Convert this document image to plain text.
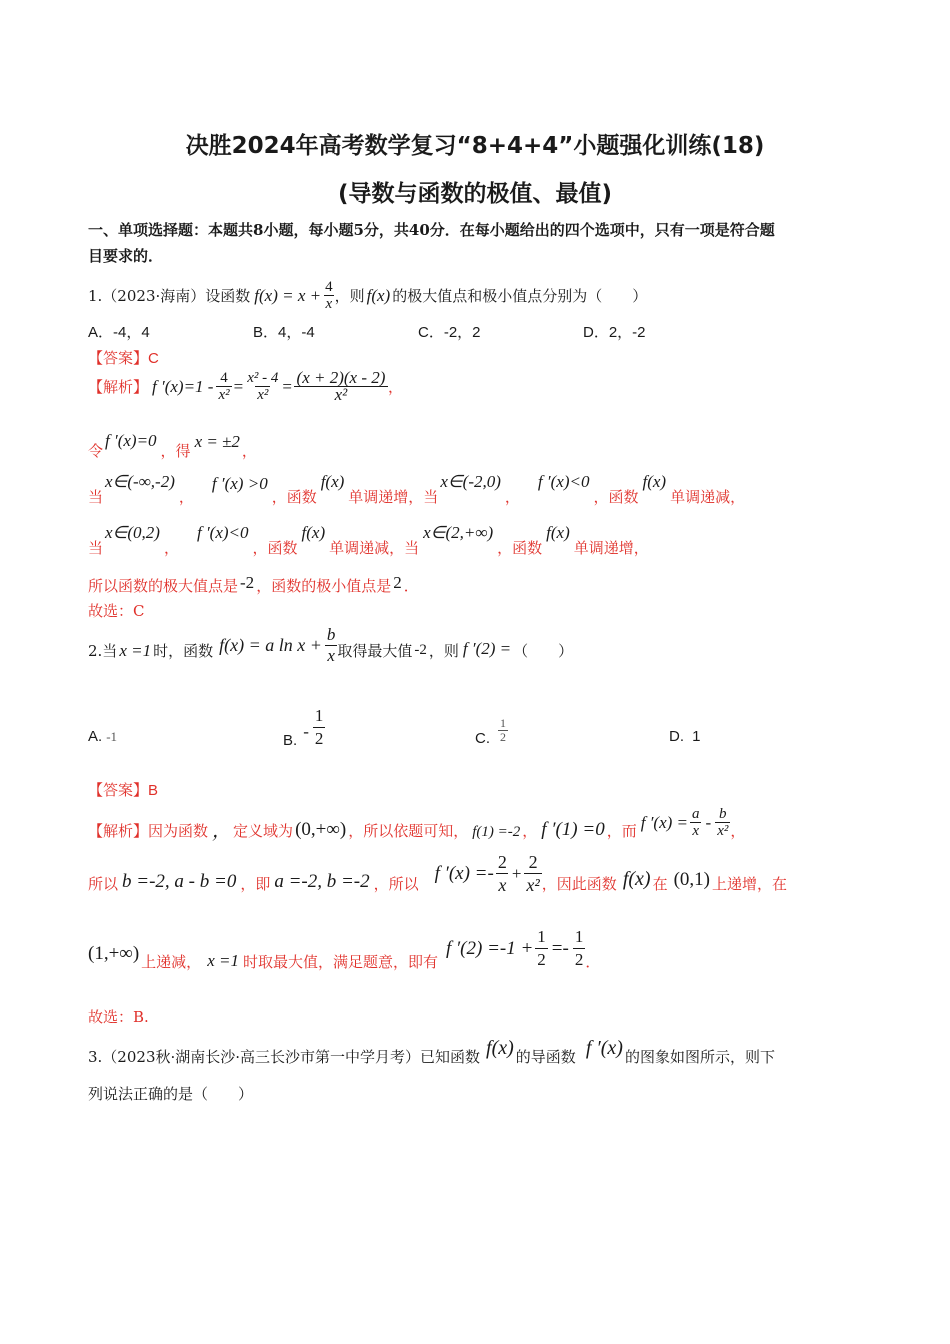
决胜2024年高考数学复习“8+4+4”小题强化训练(18)
(导数与函数的极值、最值)
一、单项选择题：本题共8小题，每小题5分，共40分．在每小题给出的四个选项中，只有一项是符合题
目要求的．
1.（2023·海南）设函数 $f(x) = x + \frac{4}{x}$ ，则 f(x) 的极大值点和极小值点分别为（　　）
A．-4，4	B．4，-4	C．-2，2	D．2，-2
【答案】C
【解析】 f $'(x)=1 - \frac{4}{\text{x²}} = \frac{\text{x² - 4}}{\text{x²}} = \frac{(x + 2)(x - 2)}{\text{x²}}$ ，
令
f ′(x)=0
，得
x = ±2
，
当
x∈(-∞,-2)
，
f ′(x) >0
，函数
f(x)
单调递增，当
x∈(-2,0)
，
f ′(x)<0
，函数
f(x)
单调递减，
当
x∈(0,2)
，
f ′(x)<0
，函数
f(x)
单调递减，当
x∈(2,+∞)
，函数
f(x)
单调递增，
所以函数的极大值点是 -2 ，函数的极小值点是 2 ．
故选：C
2.当 x =1 时，函数 f(x) = a $\ln x + \frac{b}{x}$ 取得最大值 -2 ，则 f ′(2) = （　　）
A. -1	B. - $\frac{1}{2}$	C. $\frac{1}{2}$	D. 1
【答案】B
【解析】 因为函数 ， 定义域为 (0,+∞) ，所以依题可知， f(1) =-2 ， f ′(1) =0 ，而 f $'(x) = \frac{a}{x} - \frac{b}{\text{x²}}$ ，
所以 b =-2, a - b =0 ，即 a =-2, b =-2 ，所以
f $'(x) =- \frac{2}{x} + \frac{2}{\text{x²}}$ ，因此函数 f(x) 在 (0,1) 上递增，在
(1,+∞) 上递减， x =1 时取最大值，满足题意，即有
f $'(2) =-1 + \frac{1}{2} =- \frac{1}{2}$ ．
故选：B.
3.（2023秋·湖南长沙·高三长沙市第一中学月考）已知函数 f(x) 的导函数 f ′(x) 的图象如图所示，则下
列说法正确的是（　　）
